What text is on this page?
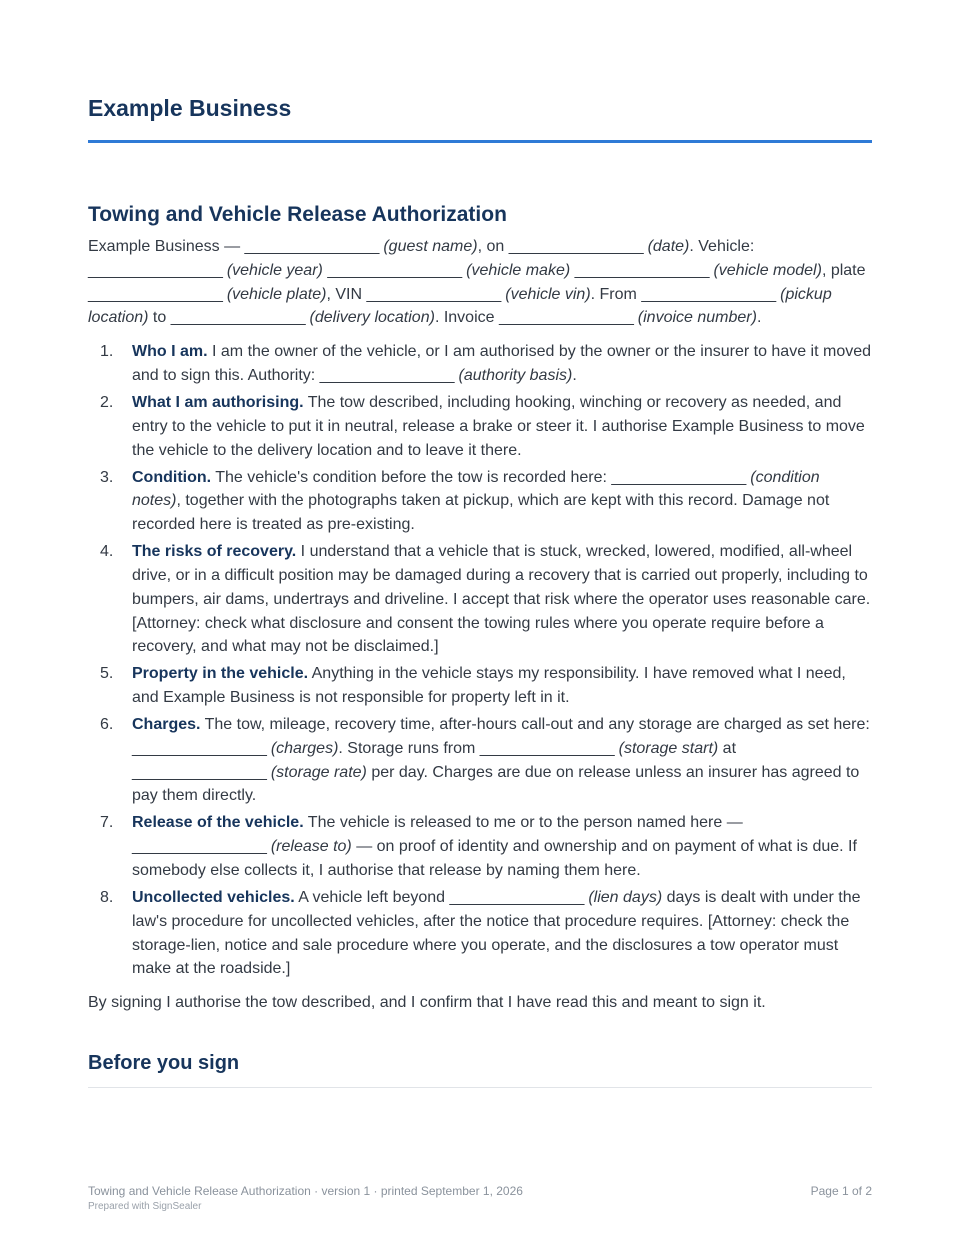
Example Business
Towing and Vehicle Release Authorization

Example Business — ________________ (guest name), on ________________ (date). Vehicle: ________________ (vehicle year) ________________ (vehicle make) ________________ (vehicle model), plate ________________ (vehicle plate), VIN ________________ (vehicle vin). From ________________ (pickup location) to ________________ (delivery location). Invoice ________________ (invoice number).

1. Who I am. I am the owner of the vehicle, or I am authorised by the owner or the insurer to have it moved and to sign this. Authority: ________________ (authority basis).
2. What I am authorising. The tow described, including hooking, winching or recovery as needed, and entry to the vehicle to put it in neutral, release a brake or steer it. I authorise Example Business to move the vehicle to the delivery location and to leave it there.
3. Condition. The vehicle's condition before the tow is recorded here: ________________ (condition notes), together with the photographs taken at pickup, which are kept with this record. Damage not recorded here is treated as pre-existing.
4. The risks of recovery. I understand that a vehicle that is stuck, wrecked, lowered, modified, all-wheel drive, or in a difficult position may be damaged during a recovery that is carried out properly, including to bumpers, air dams, undertrays and driveline. I accept that risk where the operator uses reasonable care. [Attorney: check what disclosure and consent the towing rules where you operate require before a recovery, and what may not be disclaimed.]
5. Property in the vehicle. Anything in the vehicle stays my responsibility. I have removed what I need, and Example Business is not responsible for property left in it.
6. Charges. The tow, mileage, recovery time, after-hours call-out and any storage are charged as set here: ________________ (charges). Storage runs from ________________ (storage start) at ________________ (storage rate) per day. Charges are due on release unless an insurer has agreed to pay them directly.
7. Release of the vehicle. The vehicle is released to me or to the person named here — ________________ (release to) — on proof of identity and ownership and on payment of what is due. If somebody else collects it, I authorise that release by naming them here.
8. Uncollected vehicles. A vehicle left beyond ________________ (lien days) days is dealt with under the law's procedure for uncollected vehicles, after the notice that procedure requires. [Attorney: check the storage-lien, notice and sale procedure where you operate, and the disclosures a tow operator must make at the roadside.]

By signing I authorise the tow described, and I confirm that I have read this and meant to sign it.

Before you sign
Towing and Vehicle Release Authorization · version 1 · printed September 1, 2026	Page 1 of 2
Prepared with SignSealer
